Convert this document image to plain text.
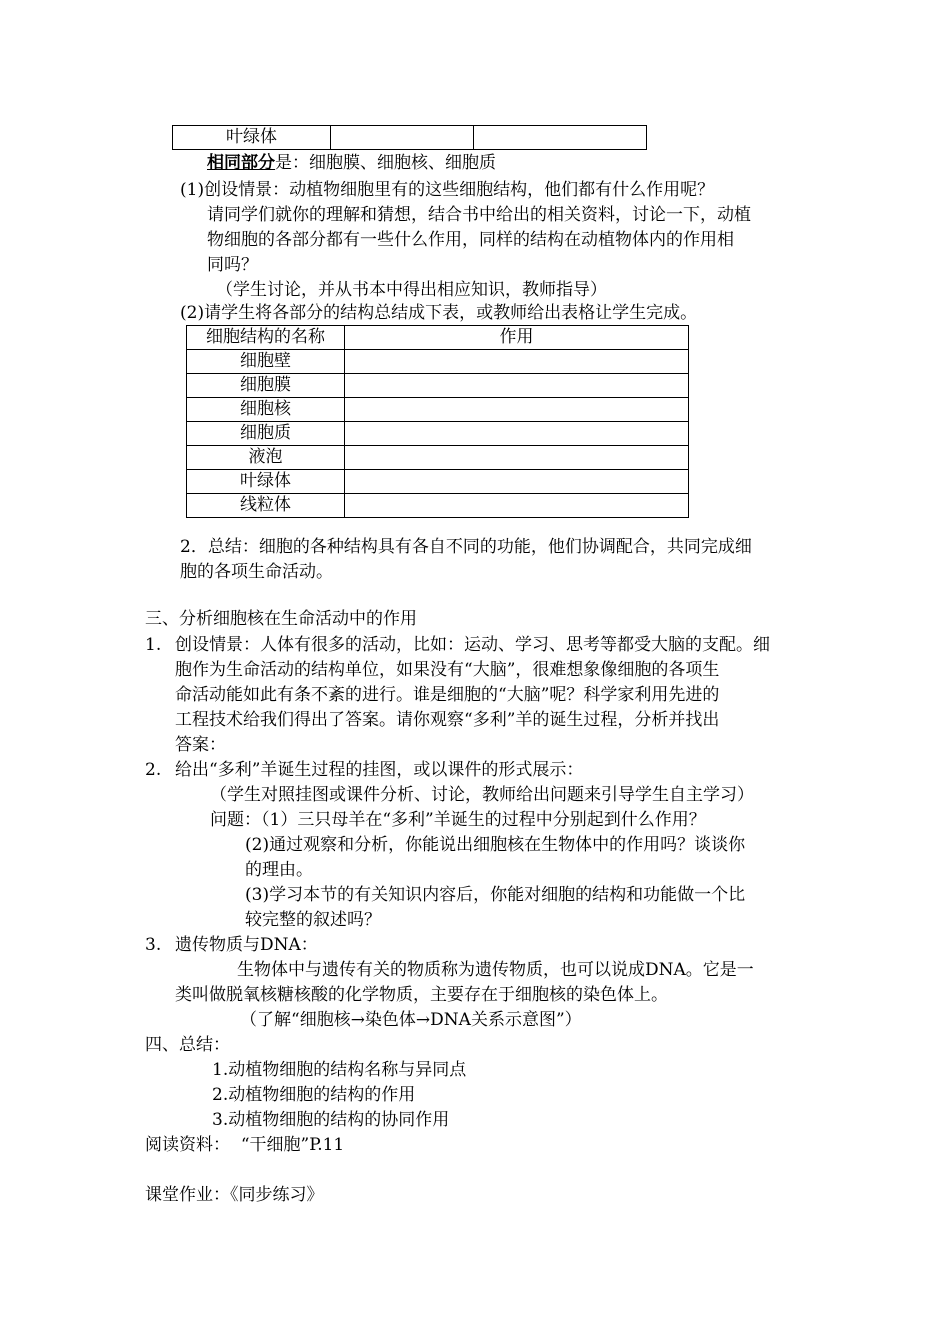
叶绿体		
相同部分是：细胞膜、细胞核、细胞质
(1)创设情景：动植物细胞里有的这些细胞结构，他们都有什么作用呢？
请同学们就你的理解和猜想，结合书中给出的相关资料，讨论一下，动植
物细胞的各部分都有一些什么作用，同样的结构在动植物体内的作用相
同吗？
（学生讨论，并从书本中得出相应知识，教师指导）
(2)请学生将各部分的结构总结成下表，或教师给出表格让学生完成。
细胞结构的名称	作用
细胞壁	
细胞膜	
细胞核	
细胞质	
液泡	
叶绿体	
线粒体	
2．总结：细胞的各种结构具有各自不同的功能，他们协调配合，共同完成细
胞的各项生命活动。
三、分析细胞核在生命活动中的作用
1. 创设情景：人体有很多的活动，比如：运动、学习、思考等都受大脑的支配。细
胞作为生命活动的结构单位，如果没有“大脑”，很难想象像细胞的各项生
命活动能如此有条不紊的进行。谁是细胞的“大脑”呢？科学家利用先进的
工程技术给我们得出了答案。请你观察“多利”羊的诞生过程，分析并找出
答案：
2. 给出“多利”羊诞生过程的挂图，或以课件的形式展示：
（学生对照挂图或课件分析、讨论，教师给出问题来引导学生自主学习）
问题：（1）三只母羊在“多利”羊诞生的过程中分别起到什么作用？
(2)通过观察和分析，你能说出细胞核在生物体中的作用吗？谈谈你
的理由。
(3)学习本节的有关知识内容后，你能对细胞的结构和功能做一个比
较完整的叙述吗？
3. 遗传物质与DNA：
生物体中与遗传有关的物质称为遗传物质，也可以说成DNA。它是一
类叫做脱氧核糖核酸的化学物质，主要存在于细胞核的染色体上。
（了解“细胞核→染色体→DNA关系示意图”）
四、总结：
1.动植物细胞的结构名称与异同点
2.动植物细胞的结构的作用
3.动植物细胞的结构的协同作用
阅读资料： “干细胞”P.11
课堂作业：《同步练习》
